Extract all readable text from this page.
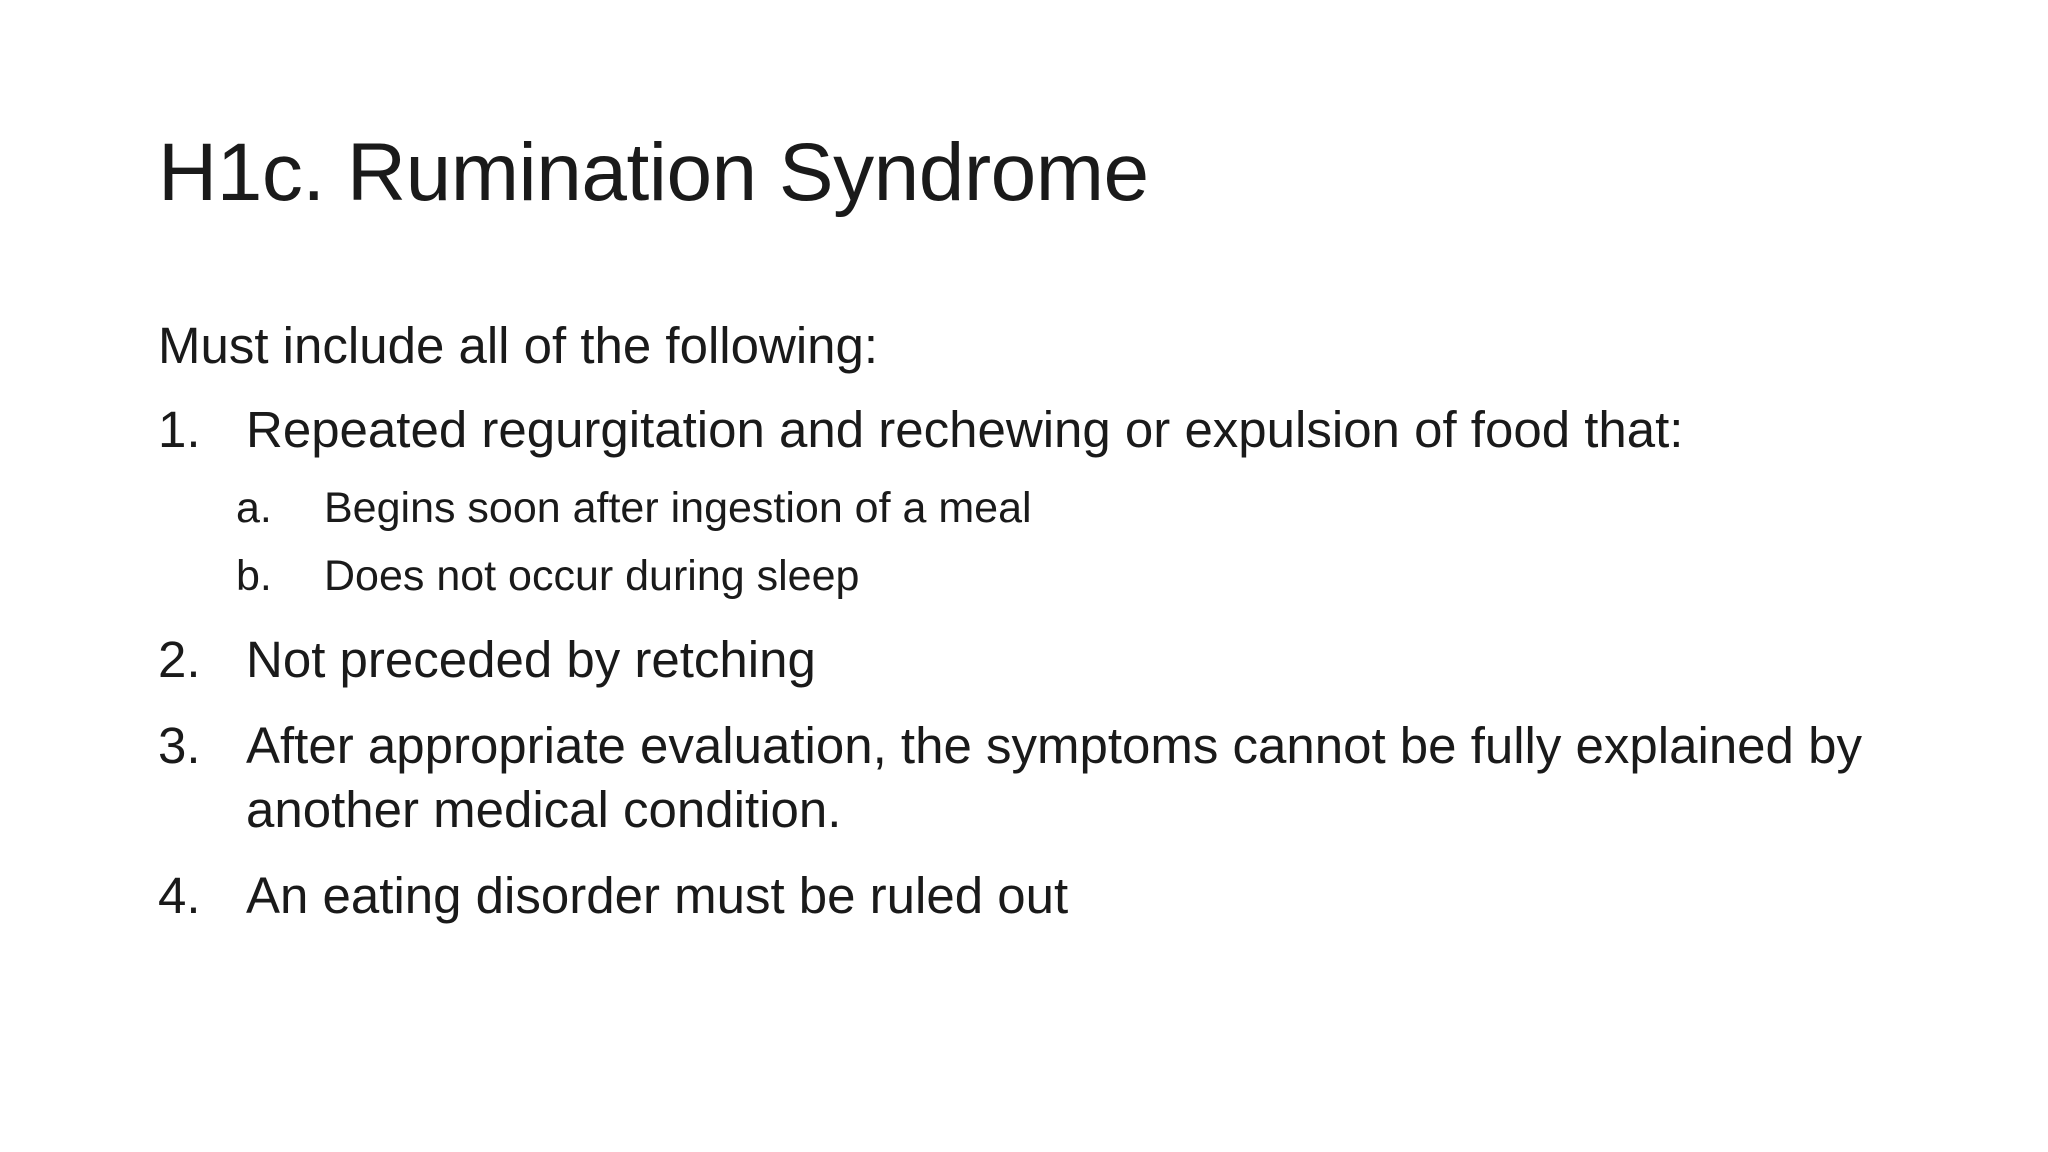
H1c. Rumination Syndrome

Must include all of the following:

1. Repeated regurgitation and rechewing or expulsion of food that:
a.	Begins soon after ingestion of a meal
b.	Does not occur during sleep
2. Not preceded by retching
3. After appropriate evaluation, the symptoms cannot be fully explained by another medical condition.
4. An eating disorder must be ruled out
